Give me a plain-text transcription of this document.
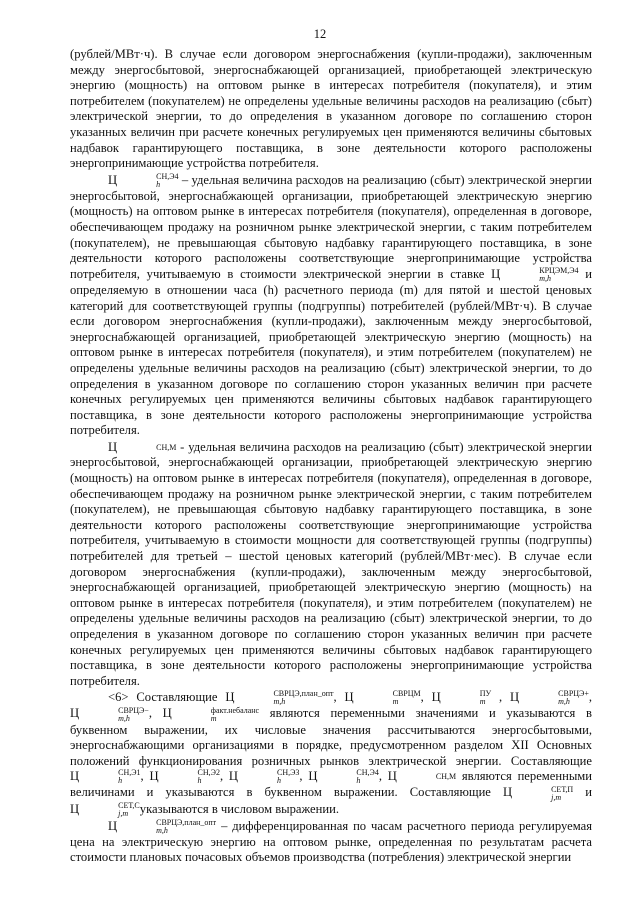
12

(рублей/МВт·ч). В случае если договором энергоснабжения (купли-продажи), заключенным между энергосбытовой, энергоснабжающей организацией, приобретающей электрическую энергию (мощность) на оптовом рынке в интересах потребителя (покупателя), и этим потребителем (покупателем) не определены удельные величины расходов на реализацию (сбыт) электрической энергии, то до определения в указанном договоре по соглашению сторон указанных величин при расчете конечных регулируемых цен применяются величины сбытовых надбавок гарантирующего поставщика, в зоне деятельности которого расположены энергопринимающие устройства потребителя.

Ц	СН,Э4
h	– удельная величина расходов на реализацию (сбыт) электрической энергии энергосбытовой, энергоснабжающей организации, приобретающей электрическую энергию (мощность) на оптовом рынке в интересах потребителя (покупателя), определенная в договоре, обеспечивающем продажу на розничном рынке электрической энергии, с таким потребителем (покупателем), не превышающая сбытовую надбавку гарантирующего поставщика, в зоне деятельности которого расположены соответствующие энергопринимающие устройства потребителя, учитываемую в стоимости электрической энергии в ставке Ц	КРЦЭМ,Э4
m,h	и определяемую в отношении часа (h) расчетного периода (m) для пятой и шестой ценовых категорий для соответствующей группы (подгруппы) потребителей (рублей/МВт·ч). В случае если договором энергоснабжения (купли-продажи), заключенным между энергосбытовой, энергоснабжающей организацией, приобретающей электрическую энергию (мощность) на оптовом рынке в интересах потребителя (покупателя), и этим потребителем (покупателем) не определены удельные величины расходов на реализацию (сбыт) электрической энергии, то до определения в указанном договоре по соглашению сторон указанных величин при расчете конечных регулируемых цен применяются величины сбытовых надбавок гарантирующего поставщика, в зоне деятельности которого расположены энергопринимающие устройства потребителя.

Ц	СН,М - удельная величина расходов на реализацию (сбыт) электрической энергии энергосбытовой, энергоснабжающей организации, приобретающей электрическую энергию (мощность) на оптовом рынке в интересах потребителя (покупателя), определенная в договоре, обеспечивающем продажу на розничном рынке электрической энергии, с таким потребителем (покупателем), не превышающая сбытовую надбавку гарантирующего поставщика, в зоне деятельности которого расположены соответствующие энергопринимающие устройства потребителя, учитываемую в стоимости мощности для соответствующей группы (подгруппы) потребителей для третьей – шестой ценовых категорий (рублей/МВт·мес). В случае если договором энергоснабжения (купли-продажи), заключенным между энергосбытовой, энергоснабжающей организацией, приобретающей электрическую энергию (мощность) на оптовом рынке в интересах потребителя (покупателя), и этим потребителем (покупателем) не определены удельные величины расходов на реализацию (сбыт) электрической энергии, то до определения в указанном договоре по соглашению сторон указанных величин при расчете конечных регулируемых цен применяются величины сбытовых надбавок гарантирующего поставщика, в зоне деятельности которого расположены энергопринимающие устройства потребителя.

<6> Составляющие Ц	СВРЦЭ,план_опт
m,h	, Ц	СВРЦМ
m	, Ц	ПУ
m , Ц	СВРЦЭ+
m,h	, Ц	СВРЦЭ−
m,h	, Ц	факт.небаланс
m	являются переменными значениями и указываются в буквенном выражении, их числовые значения рассчитываются энергосбытовыми, энергоснабжающими организациями в порядке, предусмотренном разделом XII Основных положений функционирования розничных рынков электрической энергии. Составляющие Ц	СН,Э1
h	, Ц	СН,Э2
h	, Ц	СН,Э3
h	, Ц	СН,Э4
h	, Ц	СН,М являются переменными величинами и указываются в буквенном выражении. Составляющие Ц	СЕТ,П
j,m и Ц	СЕТ,С
j,m указываются в числовом выражении.

Ц	СВРЦЭ,план_опт
m,h	– дифференцированная по часам расчетного периода регулируемая цена на электрическую энергию на оптовом рынке, определенная по результатам расчета стоимости плановых почасовых объемов производства (потребления) электрической энергии
